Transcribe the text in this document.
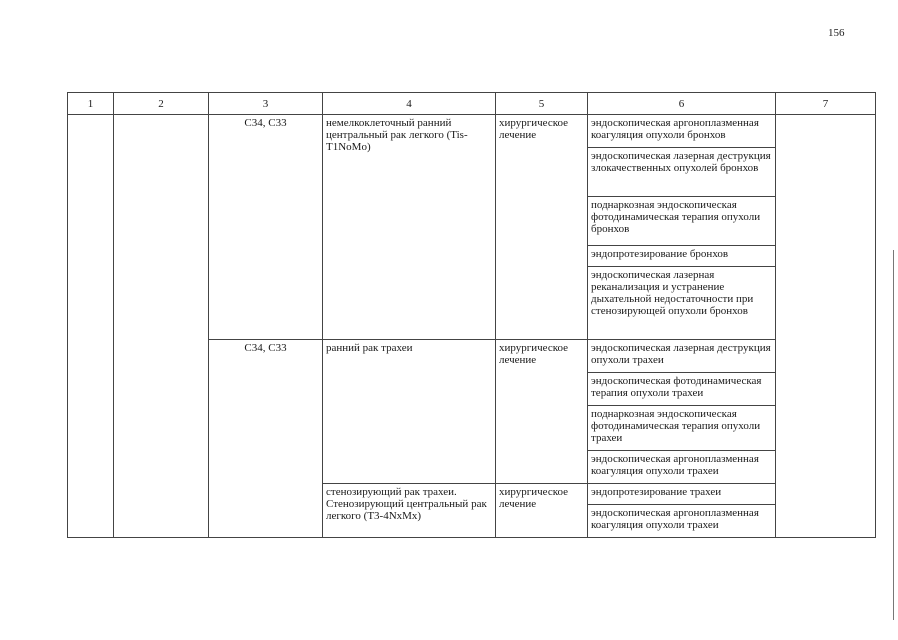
156
1	2	3	4	5	6	7
		С34, С33	немелкоклеточный ранний центральный рак легкого (Tis-T1NoMo)	хирургическое лечение	эндоскопическая аргоноплазменная коагуляция опухоли бронхов	
					эндоскопическая лазерная деструкция злокачественных опухолей бронхов	
					поднаркозная эндоскопическая фотодинамическая терапия опухоли бронхов	
					эндопротезирование бронхов	
					эндоскопическая лазерная реканализация и устранение дыхательной недостаточности при стенозирующей опухоли бронхов	
		С34, С33	ранний рак трахеи	хирургическое лечение	эндоскопическая лазерная деструкция опухоли трахеи	
					эндоскопическая фотодинамическая терапия опухоли трахеи	
					поднаркозная эндоскопическая фотодинамическая терапия опухоли трахеи	
					эндоскопическая аргоноплазменная коагуляция опухоли трахеи	
			стенозирующий рак трахеи. Стенозирующий центральный рак легкого (T3-4NxMx)	хирургическое лечение	эндопротезирование трахеи	
					эндоскопическая аргоноплазменная коагуляция опухоли трахеи	
